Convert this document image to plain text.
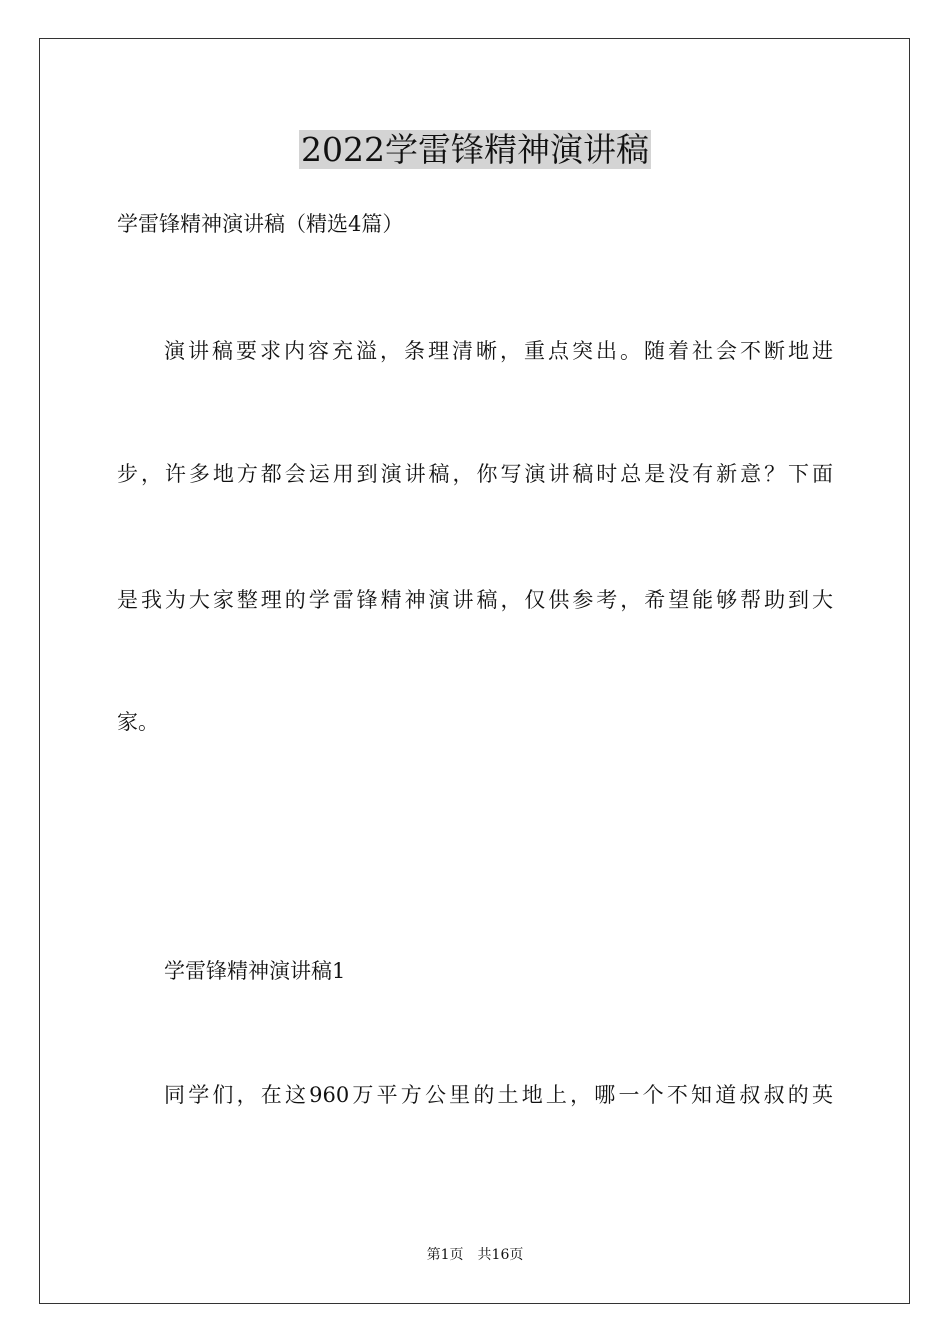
2022学雷锋精神演讲稿
学雷锋精神演讲稿（精选4篇）
演讲稿要求内容充溢，条理清晰，重点突出。随着社会不断地进
步，许多地方都会运用到演讲稿，你写演讲稿时总是没有新意？下面
是我为大家整理的学雷锋精神演讲稿，仅供参考，希望能够帮助到大
家。
学雷锋精神演讲稿1
同学们，在这960万平方公里的土地上，哪一个不知道叔叔的英
第1页　共16页
